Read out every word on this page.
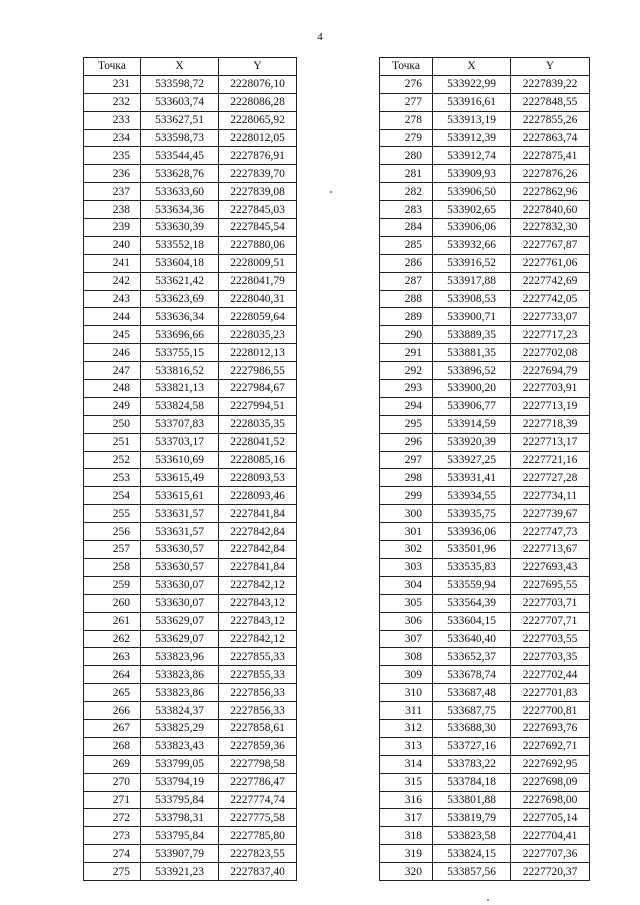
4
Точка	X	Y
231	533598,72	2228076,10
232	533603,74	2228086,28
233	533627,51	2228065,92
234	533598,73	2228012,05
235	533544,45	2227876,91
236	533628,76	2227839,70
237	533633,60	2227839,08
238	533634,36	2227845,03
239	533630,39	2227845,54
240	533552,18	2227880,06
241	533604,18	2228009,51
242	533621,42	2228041,79
243	533623,69	2228040,31
244	533636,34	2228059,64
245	533696,66	2228035,23
246	533755,15	2228012,13
247	533816,52	2227986,55
248	533821,13	2227984,67
249	533824,58	2227994,51
250	533707,83	2228035,35
251	533703,17	2228041,52
252	533610,69	2228085,16
253	533615,49	2228093,53
254	533615,61	2228093,46
255	533631,57	2227841,84
256	533631,57	2227842,84
257	533630,57	2227842,84
258	533630,57	2227841,84
259	533630,07	2227842,12
260	533630,07	2227843,12
261	533629,07	2227843,12
262	533629,07	2227842,12
263	533823,96	2227855,33
264	533823,86	2227855,33
265	533823,86	2227856,33
266	533824,37	2227856,33
267	533825,29	2227858,61
268	533823,43	2227859,36
269	533799,05	2227798,58
270	533794,19	2227786,47
271	533795,84	2227774,74
272	533798,31	2227775,58
273	533795,84	2227785,80
274	533907,79	2227823,55
275	533921,23	2227837,40
Точка	X	Y
276	533922,99	2227839,22
277	533916,61	2227848,55
278	533913,19	2227855,26
279	533912,39	2227863,74
280	533912,74	2227875,41
281	533909,93	2227876,26
282	533906,50	2227862,96
283	533902,65	2227840,60
284	533906,06	2227832,30
285	533932,66	2227767,87
286	533916,52	2227761,06
287	533917,88	2227742,69
288	533908,53	2227742,05
289	533900,71	2227733,07
290	533889,35	2227717,23
291	533881,35	2227702,08
292	533896,52	2227694,79
293	533900,20	2227703,91
294	533906,77	2227713,19
295	533914,59	2227718,39
296	533920,39	2227713,17
297	533927,25	2227721,16
298	533931,41	2227727,28
299	533934,55	2227734,11
300	533935,75	2227739,67
301	533936,06	2227747,73
302	533501,96	2227713,67
303	533535,83	2227693,43
304	533559,94	2227695,55
305	533564,39	2227703,71
306	533604,15	2227707,71
307	533640,40	2227703,55
308	533652,37	2227703,35
309	533678,74	2227702,44
310	533687,48	2227701,83
311	533687,75	2227700,81
312	533688,30	2227693,76
313	533727,16	2227692,71
314	533783,22	2227692,95
315	533784,18	2227698,09
316	533801,88	2227698,00
317	533819,79	2227705,14
318	533823,58	2227704,41
319	533824,15	2227707,36
320	533857,56	2227720,37
